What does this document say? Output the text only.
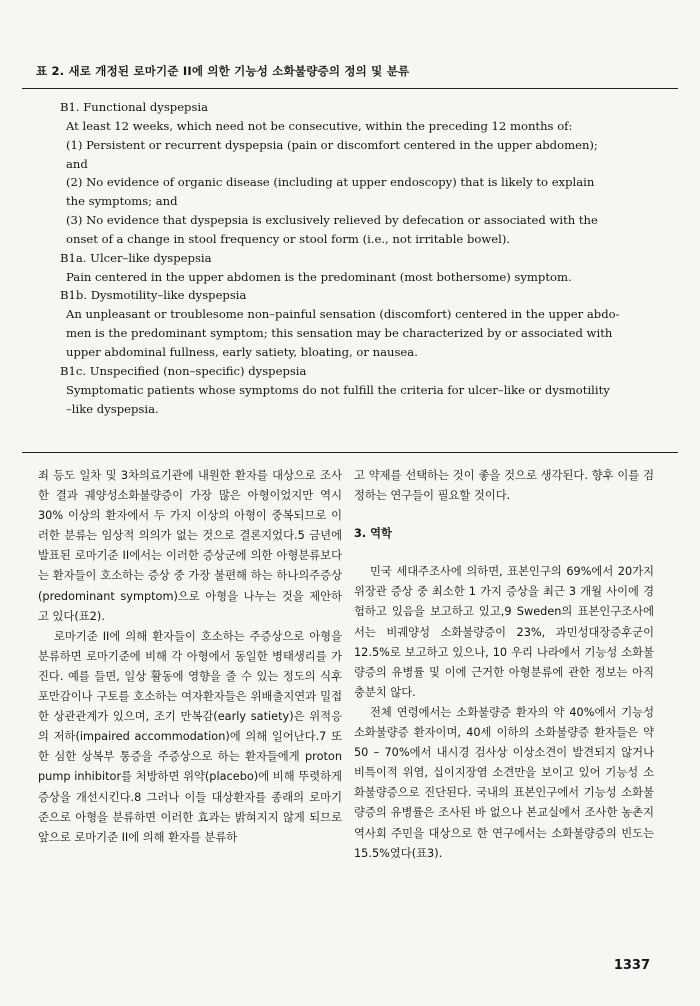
표 2. 새로 개정된 로마기준 II에 의한 기능성 소화불량증의 정의 및 분류
B1. Functional dyspepsia
At least 12 weeks, which need not be consecutive, within the preceding 12 months of:
(1) Persistent or recurrent dyspepsia (pain or discomfort centered in the upper abdomen);
and
(2) No evidence of organic disease (including at upper endoscopy) that is likely to explain
the symptoms; and
(3) No evidence that dyspepsia is exclusively relieved by defecation or associated with the
onset of a change in stool frequency or stool form (i.e., not irritable bowel).
B1a. Ulcer–like dyspepsia
Pain centered in the upper abdomen is the predominant (most bothersome) symptom.
B1b. Dysmotility–like dyspepsia
An unpleasant or troublesome non–painful sensation (discomfort) centered in the upper abdo-
men is the predominant symptom; this sensation may be characterized by or associated with
upper abdominal fullness, early satiety, bloating, or nausea.
B1c. Unspecified (non–specific) dyspepsia
Symptomatic patients whose symptoms do not fulfill the criteria for ulcer–like or dysmotility
–like dyspepsia.

죄 등도 일차 및 3차의료기관에 내원한 환자를 대상으로 조사한 결과 궤양성소화불량증이 가장 많은 아형이었지만 역시 30% 이상의 환자에서 두 가지 이상의 아형이 중복되므로 이러한 분류는 임상적 의의가 없는 것으로 결론지었다.5 금년에 발표된 로마기준 II에서는 이러한 증상군에 의한 아형분류보다는 환자들이 호소하는 증상 중 가장 불편해 하는 하나의주증상(predominant symptom)으로 아형을 나누는 것을 제안하고 있다(표2).

로마기준 II에 의해 환자들이 호소하는 주증상으로 아형을 분류하면 로마기준에 비해 각 아형에서 동일한 병태생리를 가진다. 예를 들면, 일상 활동에 영향을 줄 수 있는 정도의 식후 포만감이나 구토를 호소하는 여자환자들은 위배출지연과 밀접한 상관관계가 있으며, 조기 만복감(early satiety)은 위적응의 저하(impaired accommodation)에 의해 일어난다.7 또한 심한 상복부 통증을 주증상으로 하는 환자들에게 proton pump inhibitor를 처방하면 위약(placebo)에 비해 뚜렷하게 증상을 개선시킨다.8 그러나 이들 대상환자를 종래의 로마기준으로 아형을 분류하면 이러한 효과는 밝혀지지 않게 되므로 앞으로 로마기준 II에 의해 환자를 분류하

고 약제를 선택하는 것이 좋을 것으로 생각된다. 향후 이를 검정하는 연구들이 필요할 것이다.

3. 역학

민국 세대주조사에 의하면, 표본인구의 69%에서 20가지 위장관 증상 중 최소한 1 가지 증상을 최근 3 개월 사이에 경험하고 있음을 보고하고 있고,9 Sweden의 표본인구조사에서는 비궤양성 소화불량증이 23%, 과민성대장증후군이 12.5%로 보고하고 있으나, 10 우리 나라에서 기능성 소화불량증의 유병률 및 이에 근거한 아형분류에 관한 정보는 아직 충분치 않다.

전체 연령에서는 소화불량증 환자의 약 40%에서 기능성 소화불량증 환자이며, 40세 이하의 소화불량증 환자들은 약 50 – 70%에서 내시경 검사상 이상소견이 발견되지 않거나 비특이적 위염, 십이지장염 소견만을 보이고 있어 기능성 소화불량증으로 진단된다. 국내의 표본인구에서 기능성 소화불량증의 유병률은 조사된 바 없으나 본교실에서 조사한 농촌지역사회 주민을 대상으로 한 연구에서는 소화불량증의 빈도는 15.5%였다(표3).

1337
